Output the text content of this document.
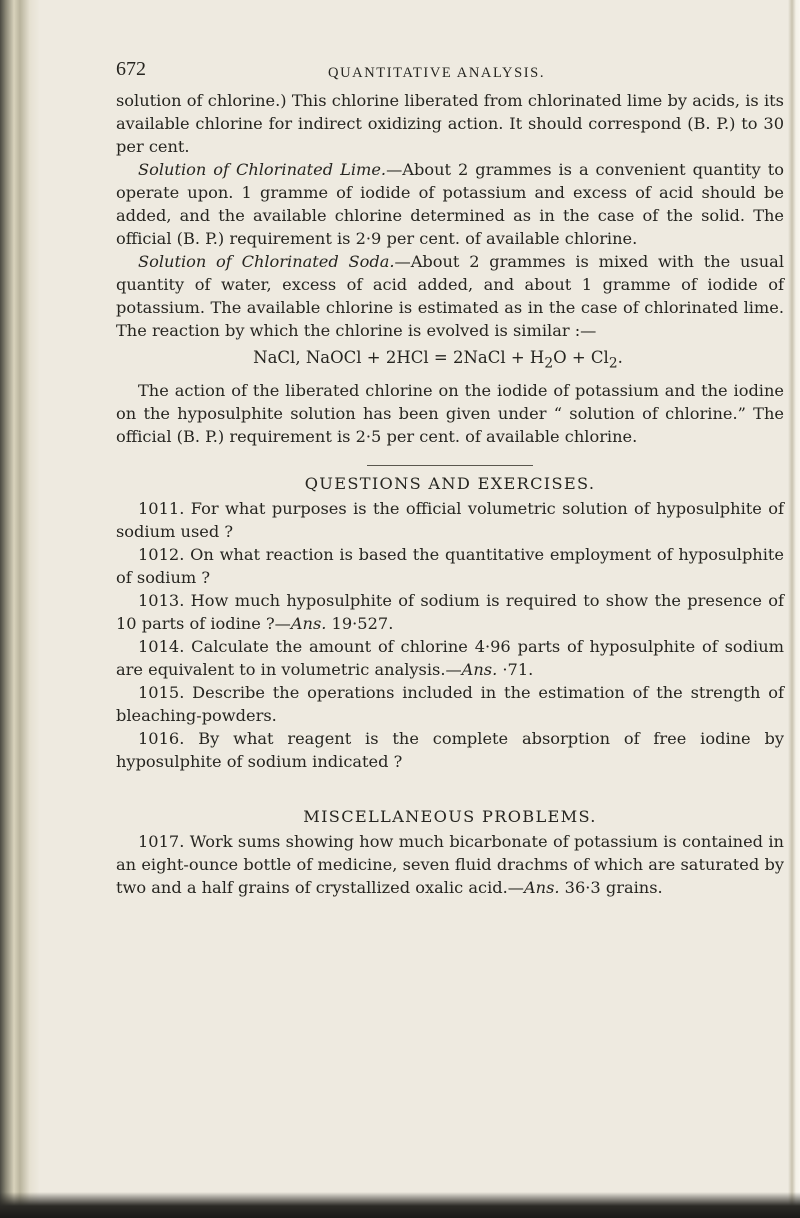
672	QUANTITATIVE ANALYSIS.

solution of chlorine.) This chlorine liberated from chlorinated lime by acids, is its available chlorine for indirect oxidizing action. It should correspond (B. P.) to 30 per cent.

Solution of Chlorinated Lime.—About 2 grammes is a convenient quantity to operate upon. 1 gramme of iodide of potassium and excess of acid should be added, and the available chlorine determined as in the case of the solid. The official (B. P.) requirement is 2·9 per cent. of available chlorine.

Solution of Chlorinated Soda.—About 2 grammes is mixed with the usual quantity of water, excess of acid added, and about 1 gramme of iodide of potassium. The available chlorine is estimated as in the case of chlorinated lime. The reaction by which the chlorine is evolved is similar :—

NaCl, NaOCl + 2HCl = 2NaCl + $H_2O + Cl_2$.

The action of the liberated chlorine on the iodide of potassium and the iodine on the hyposulphite solution has been given under “ solution of chlorine.” The official (B. P.) requirement is 2·5 per cent. of available chlorine.

QUESTIONS AND EXERCISES.

1011. For what purposes is the official volumetric solution of hyposulphite of sodium used ?

1012. On what reaction is based the quantitative employment of hyposulphite of sodium ?

1013. How much hyposulphite of sodium is required to show the presence of 10 parts of iodine ?—Ans. 19·527.

1014. Calculate the amount of chlorine 4·96 parts of hyposulphite of sodium are equivalent to in volumetric analysis.—Ans. ·71.

1015. Describe the operations included in the estimation of the strength of bleaching-powders.

1016. By what reagent is the complete absorption of free iodine by hyposulphite of sodium indicated ?

MISCELLANEOUS PROBLEMS.

1017. Work sums showing how much bicarbonate of potassium is contained in an eight-ounce bottle of medicine, seven fluid drachms of which are saturated by two and a half grains of crystallized oxalic acid.—Ans. 36·3 grains.
